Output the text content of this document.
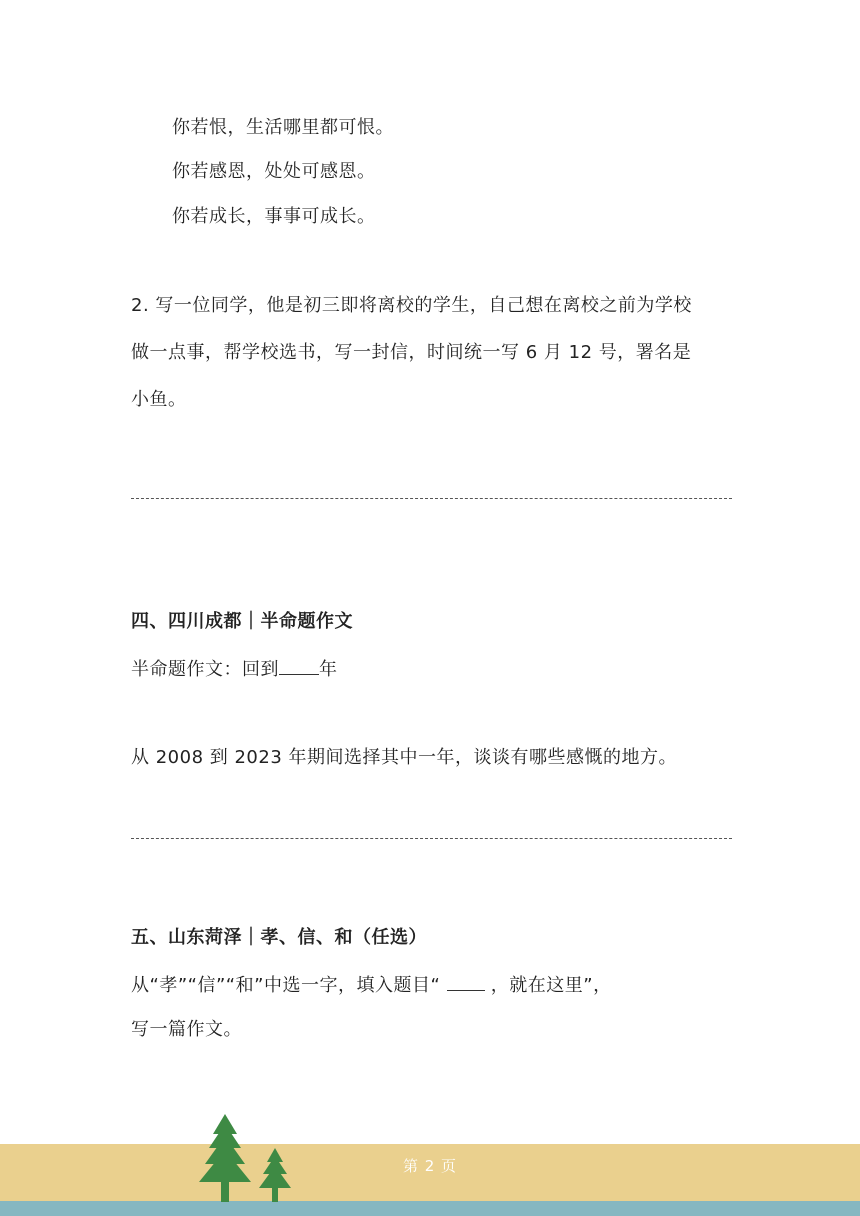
你若恨，生活哪里都可恨。
你若感恩，处处可感恩。
你若成长，事事可成长。
2. 写一位同学，他是初三即将离校的学生，自己想在离校之前为学校
做一点事，帮学校选书，写一封信，时间统一写 6 月 12 号，署名是
小鱼。
四、四川成都｜半命题作文
半命题作文：回到 年
从 2008 到 2023 年期间选择其中一年，谈谈有哪些感慨的地方。
五、山东菏泽｜孝、信、和（任选）
从“孝”“信”“和”中选一字，填入题目“	，就在这里”，
写一篇作文。
第 2 页
